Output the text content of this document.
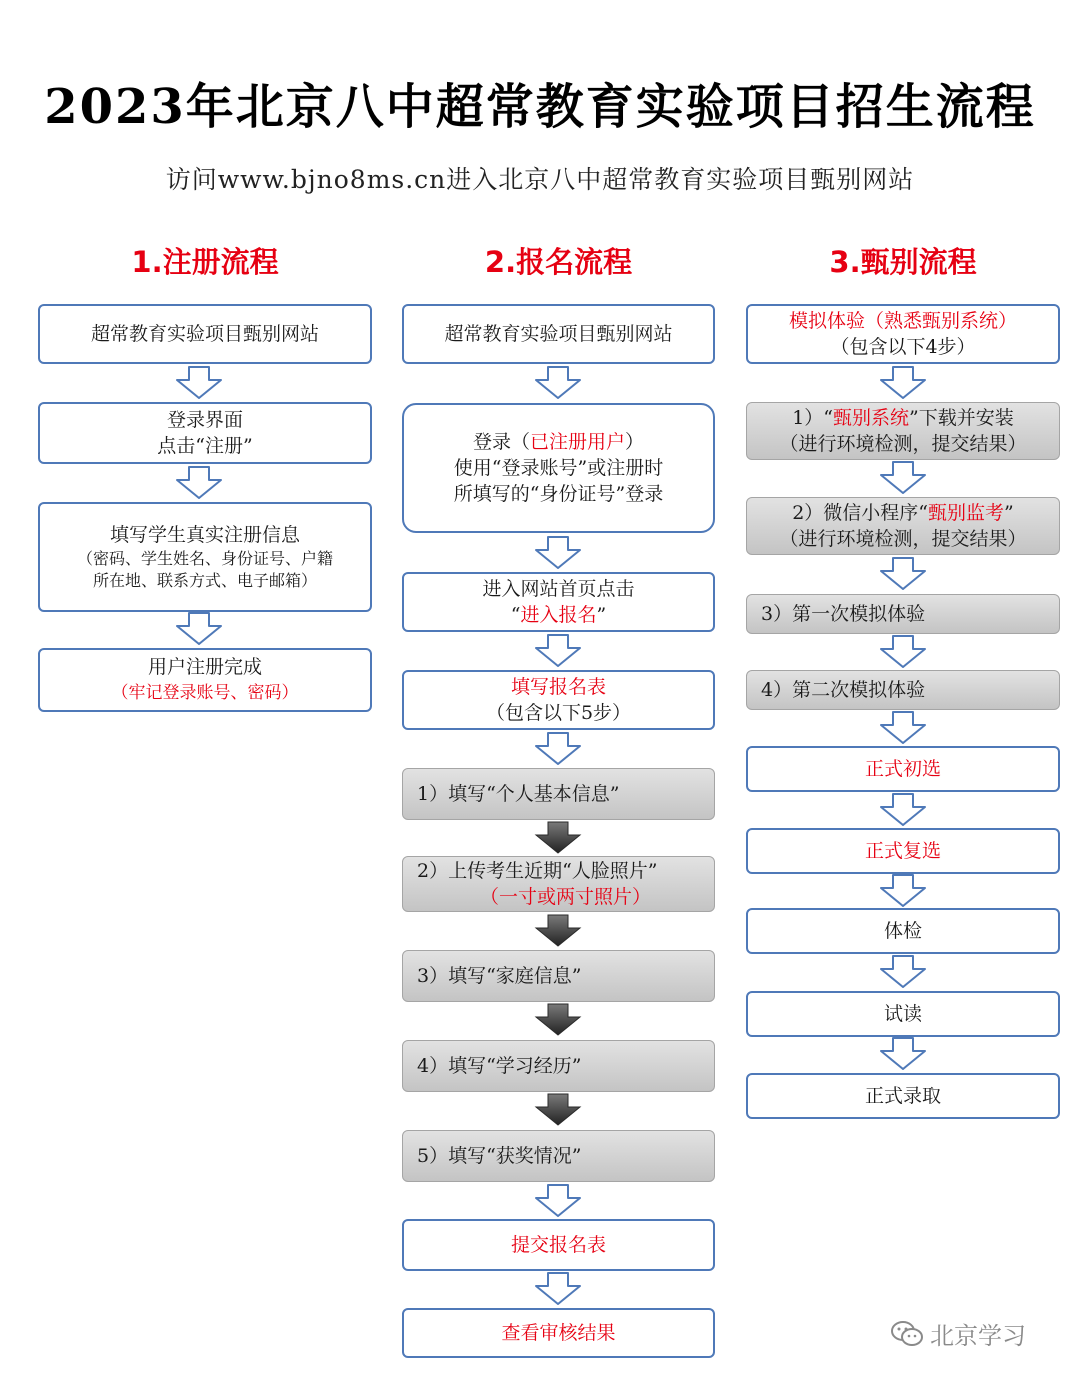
2023年北京八中超常教育实验项目招生流程
访问www.bjno8ms.cn进入北京八中超常教育实验项目甄别网站
1.注册流程	2.报名流程	3.甄别流程
超常教育实验项目甄别网站
登录界面
点击“注册”
填写学生真实注册信息
（密码、学生姓名、身份证号、户籍
所在地、联系方式、电子邮箱）
用户注册完成
（牢记登录账号、密码）
超常教育实验项目甄别网站
登录（已注册用户）
使用“登录账号”或注册时
所填写的“身份证号”登录
进入网站首页点击
“进入报名”
填写报名表
（包含以下5步）
1）填写“个人基本信息”
2）上传考生近期“人脸照片”
（一寸或两寸照片）
3）填写“家庭信息”
4）填写“学习经历”
5）填写“获奖情况”
提交报名表
查看审核结果
模拟体验（熟悉甄别系统）
（包含以下4步）
1）“甄别系统”下载并安装
（进行环境检测，提交结果）
2）微信小程序“甄别监考”
（进行环境检测，提交结果）
3）第一次模拟体验
4）第二次模拟体验
正式初选
正式复选
体检
试读
正式录取
北京学习
